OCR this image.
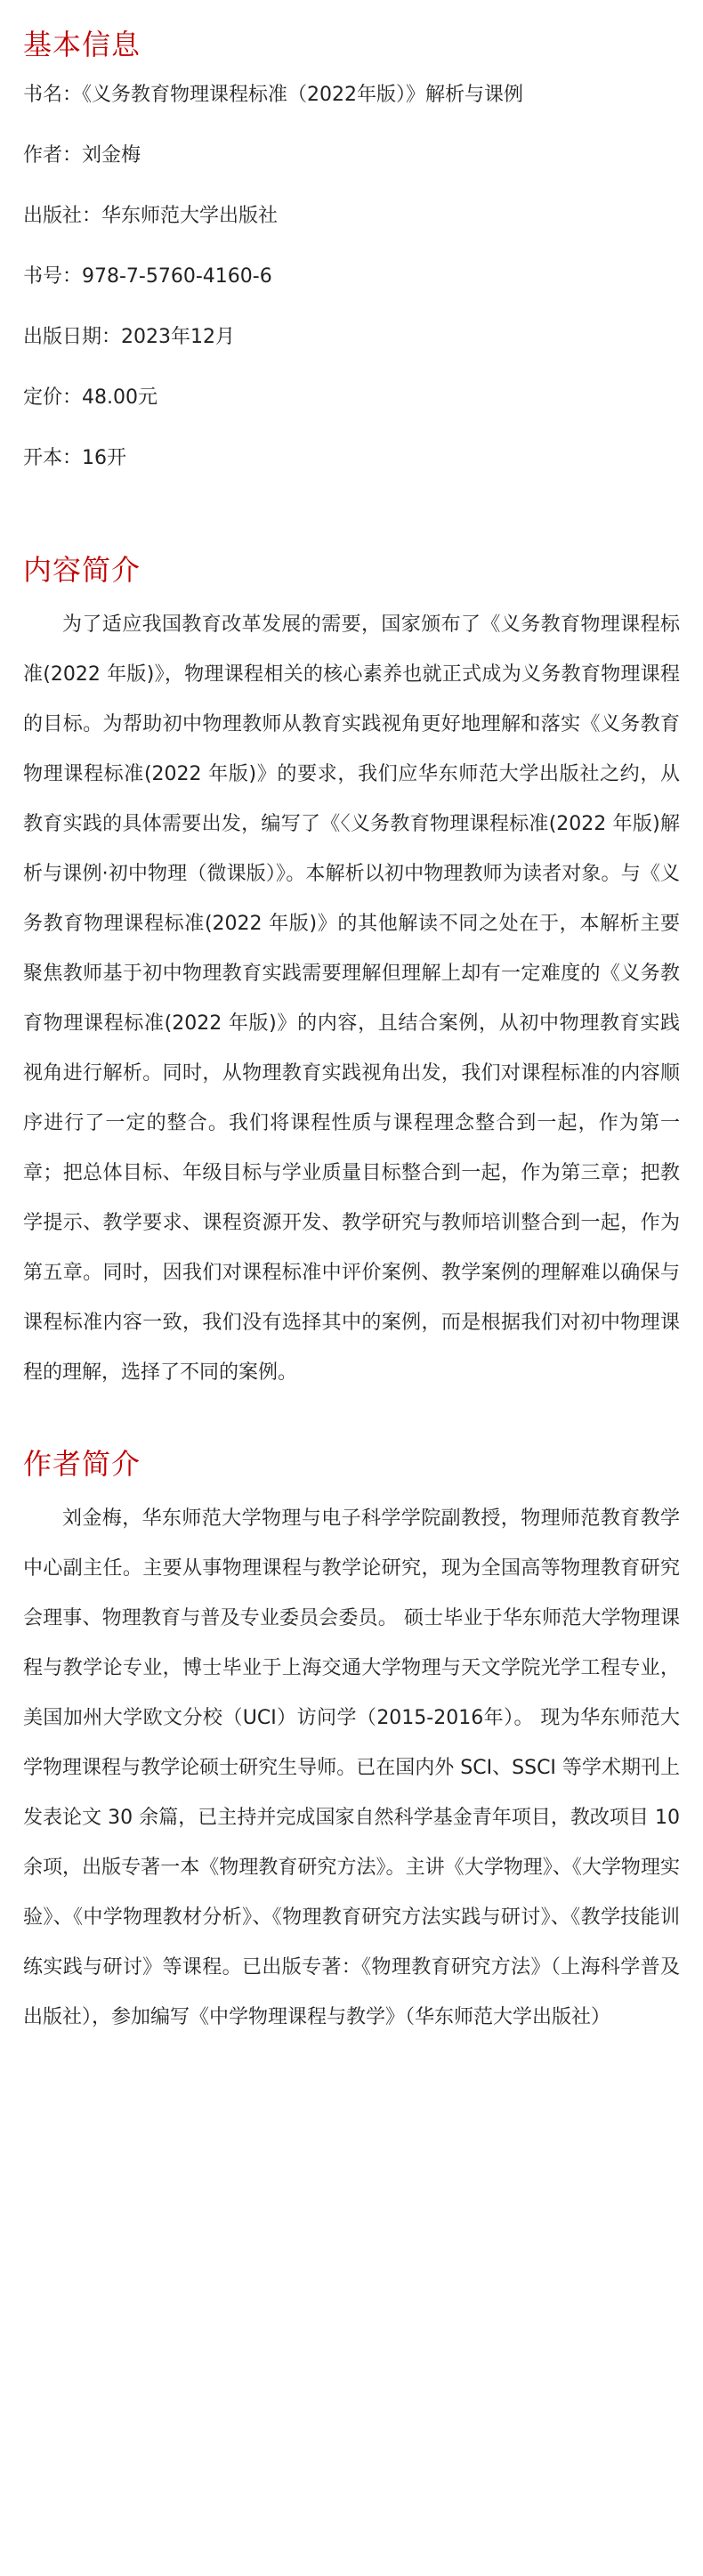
基本信息
书名：《义务教育物理课程标准（2022年版）》解析与课例
作者：刘金梅
出版社：华东师范大学出版社
书号：978-7-5760-4160-6
出版日期：2023年12月
定价：48.00元
开本：16开
内容简介

为了适应我国教育改革发展的需要，国家颁布了《义务教育物理课程标准(2022 年版)》，物理课程相关的核心素养也就正式成为义务教育物理课程的目标。为帮助初中物理教师从教育实践视角更好地理解和落实《义务教育物理课程标准(2022 年版)》的要求，我们应华东师范大学出版社之约，从教育实践的具体需要出发，编写了《〈义务教育物理课程标准(2022 年版)解析与课例·初中物理（微课版）》。本解析以初中物理教师为读者对象。与《义务教育物理课程标准(2022 年版)》的其他解读不同之处在于，本解析主要聚焦教师基于初中物理教育实践需要理解但理解上却有一定难度的《义务教育物理课程标准(2022 年版)》的内容，且结合案例，从初中物理教育实践视角进行解析。同时，从物理教育实践视角出发，我们对课程标准的内容顺序进行了一定的整合。我们将课程性质与课程理念整合到一起，作为第一章；把总体目标、年级目标与学业质量目标整合到一起，作为第三章；把教学提示、教学要求、课程资源开发、教学研究与教师培训整合到一起，作为第五章。同时，因我们对课程标准中评价案例、教学案例的理解难以确保与课程标准内容一致，我们没有选择其中的案例，而是根据我们对初中物理课程的理解，选择了不同的案例。

作者简介

刘金梅，华东师范大学物理与电子科学学院副教授，物理师范教育教学中心副主任。主要从事物理课程与教学论研究，现为全国高等物理教育研究会理事、物理教育与普及专业委员会委员。 硕士毕业于华东师范大学物理课程与教学论专业，博士毕业于上海交通大学物理与天文学院光学工程专业，美国加州大学欧文分校（UCI）访问学（2015-2016年）。 现为华东师范大学物理课程与教学论硕士研究生导师。已在国内外 SCI、SSCI 等学术期刊上发表论文 30 余篇，已主持并完成国家自然科学基金青年项目，教改项目 10 余项，出版专著一本《物理教育研究方法》。主讲《大学物理》、《大学物理实验》、《中学物理教材分析》、《物理教育研究方法实践与研讨》、《教学技能训练实践与研讨》等课程。已出版专著：《物理教育研究方法》（上海科学普及出版社），参加编写《中学物理课程与教学》（华东师范大学出版社）
